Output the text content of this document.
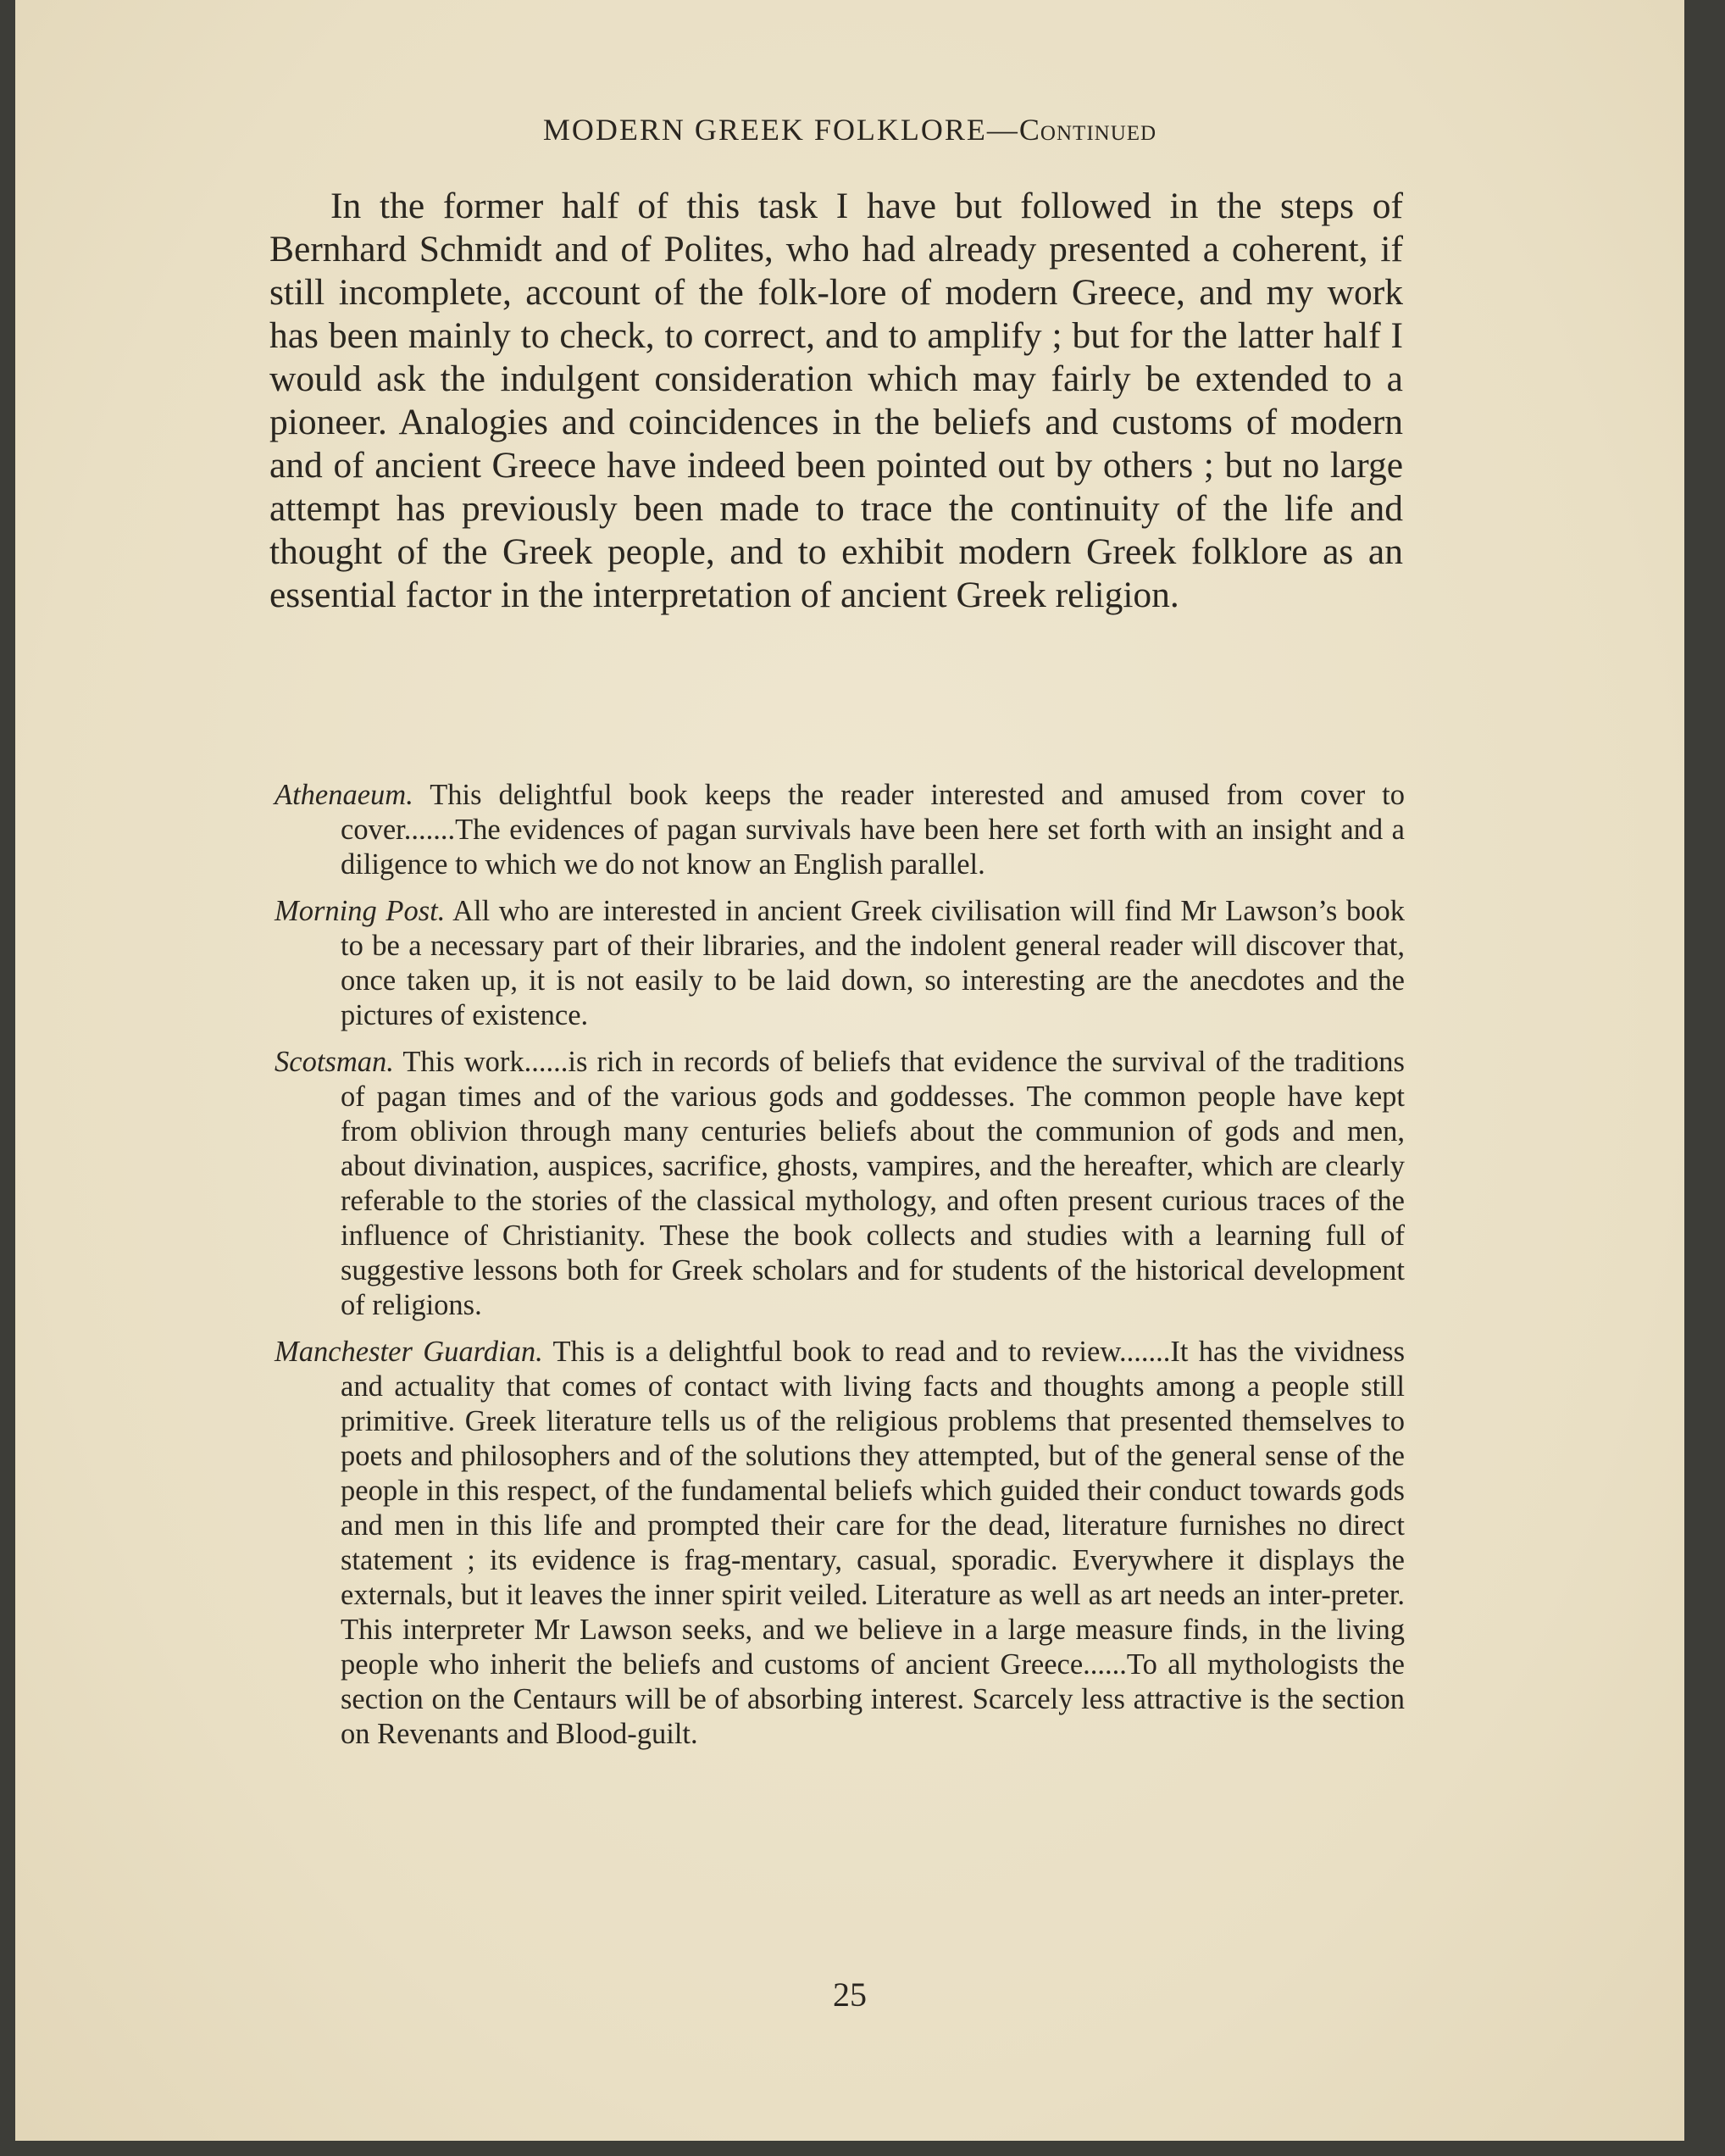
MODERN GREEK FOLKLORE—Continued

In the former half of this task I have but followed in the steps of Bernhard Schmidt and of Polites, who had already presented a coherent, if still incomplete, account of the folk-lore of modern Greece, and my work has been mainly to check, to correct, and to amplify ; but for the latter half I would ask the indulgent consideration which may fairly be extended to a pioneer. Analogies and coincidences in the beliefs and customs of modern and of ancient Greece have indeed been pointed out by others ; but no large attempt has previously been made to trace the continuity of the life and thought of the Greek people, and to exhibit modern Greek folklore as an essential factor in the interpretation of ancient Greek religion.

Athenaeum. This delightful book keeps the reader interested and amused from cover to cover.......The evidences of pagan survivals have been here set forth with an insight and a diligence to which we do not know an English parallel.

Morning Post. All who are interested in ancient Greek civilisation will find Mr Lawson’s book to be a necessary part of their libraries, and the indolent general reader will discover that, once taken up, it is not easily to be laid down, so interesting are the anecdotes and the pictures of existence.

Scotsman. This work......is rich in records of beliefs that evidence the survival of the traditions of pagan times and of the various gods and goddesses. The common people have kept from oblivion through many centuries beliefs about the communion of gods and men, about divination, auspices, sacrifice, ghosts, vampires, and the hereafter, which are clearly referable to the stories of the classical mythology, and often present curious traces of the influence of Christianity. These the book collects and studies with a learning full of suggestive lessons both for Greek scholars and for students of the historical development of religions.

Manchester Guardian. This is a delightful book to read and to review.......It has the vividness and actuality that comes of contact with living facts and thoughts among a people still primitive. Greek literature tells us of the religious problems that presented themselves to poets and philosophers and of the solutions they attempted, but of the general sense of the people in this respect, of the fundamental beliefs which guided their conduct towards gods and men in this life and prompted their care for the dead, literature furnishes no direct statement ; its evidence is frag-mentary, casual, sporadic. Everywhere it displays the externals, but it leaves the inner spirit veiled. Literature as well as art needs an inter-preter. This interpreter Mr Lawson seeks, and we believe in a large measure finds, in the living people who inherit the beliefs and customs of ancient Greece......To all mythologists the section on the Centaurs will be of absorbing interest. Scarcely less attractive is the section on Revenants and Blood-guilt.

25
